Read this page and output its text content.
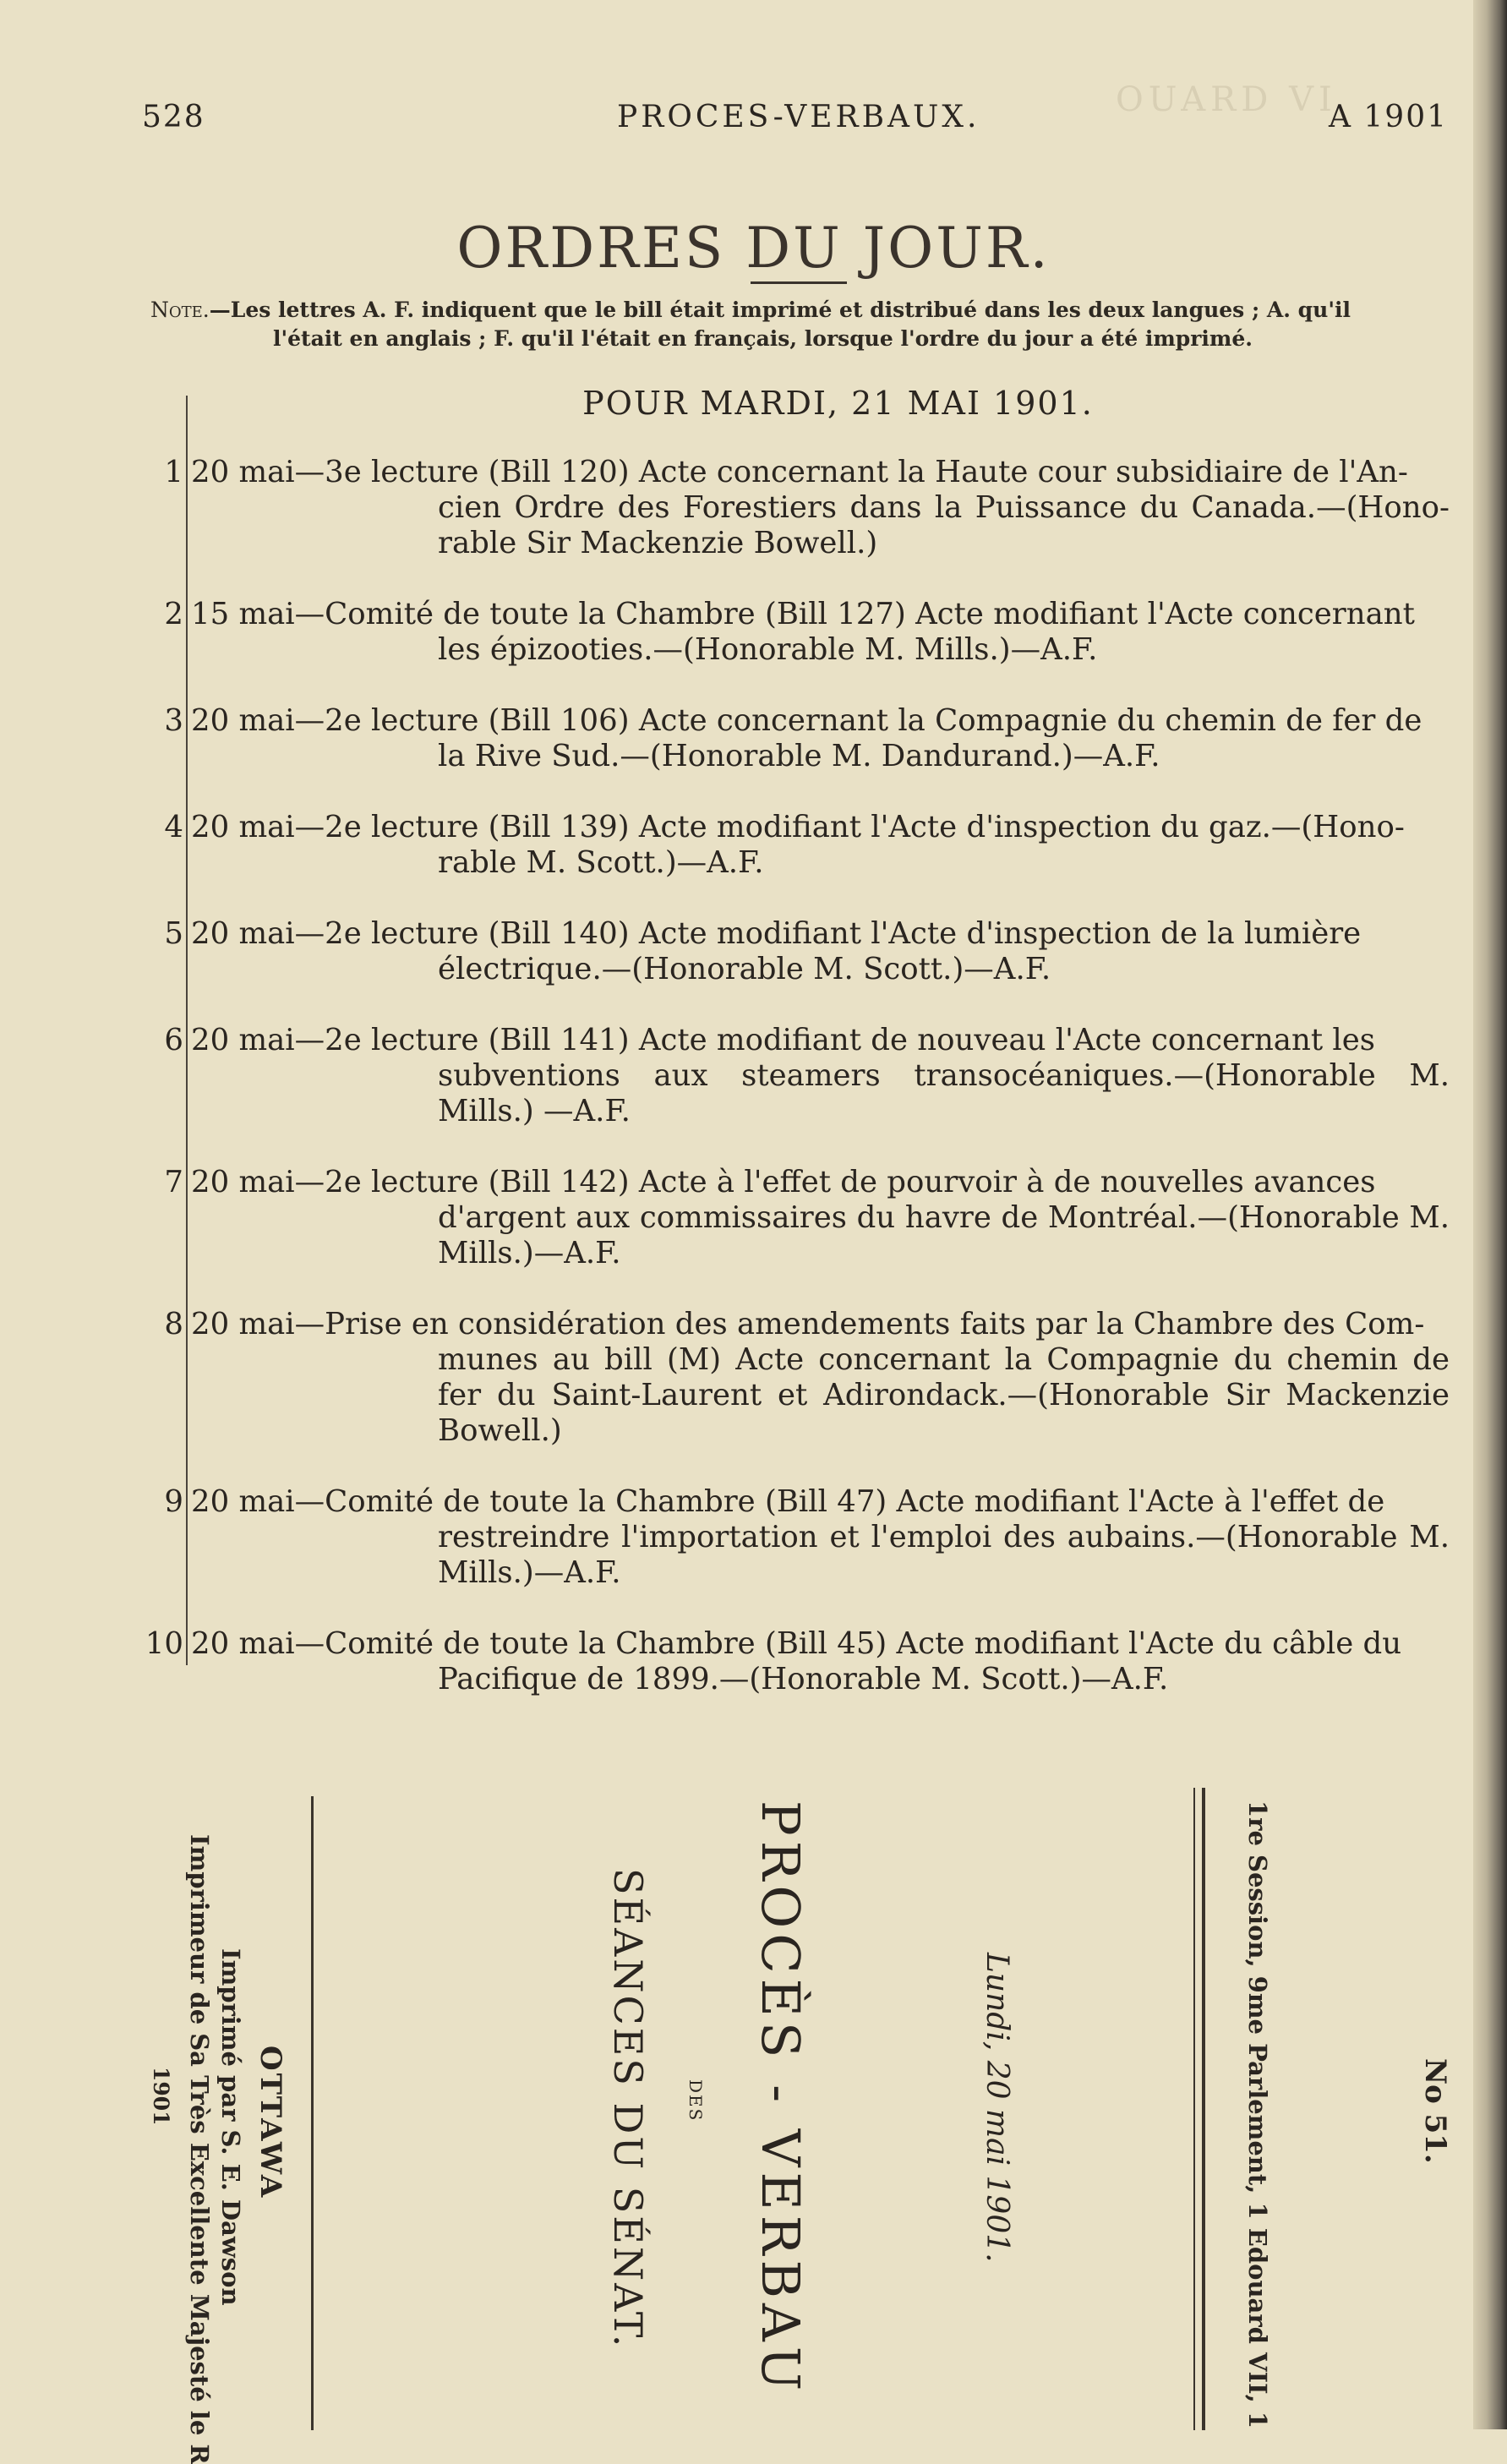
OUARD VI
528	PROCES-VERBAUX.	A 1901
ORDRES DU JOUR.
Note.—Les lettres A. F. indiquent que le bill était imprimé et distribué dans les deux langues ; A. qu'il
l'était en anglais ; F. qu'il l'était en français, lorsque l'ordre du jour a été imprimé.
POUR MARDI, 21 MAI 1901.
1 20 mai—3e lecture (Bill 120) Acte concernant la Haute cour subsidiaire de l'An-
cien Ordre des Forestiers dans la Puissance du Canada.—(Hono- rable Sir Mackenzie Bowell.)
2 15 mai—Comité de toute la Chambre (Bill 127) Acte modifiant l'Acte concernant
les épizooties.—(Honorable M. Mills.)—A.F.
3 20 mai—2e lecture (Bill 106) Acte concernant la Compagnie du chemin de fer de
la Rive Sud.—(Honorable M. Dandurand.)—A.F.
4 20 mai—2e lecture (Bill 139) Acte modifiant l'Acte d'inspection du gaz.—(Hono-
rable M. Scott.)—A.F.
5 20 mai—2e lecture (Bill 140) Acte modifiant l'Acte d'inspection de la lumière
électrique.—(Honorable M. Scott.)—A.F.
6 20 mai—2e lecture (Bill 141) Acte modifiant de nouveau l'Acte concernant les
subventions aux steamers transocéaniques.—(Honorable M. Mills.) —A.F.
7 20 mai—2e lecture (Bill 142) Acte à l'effet de pourvoir à de nouvelles avances
d'argent aux commissaires du havre de Montréal.—(Honorable M. Mills.)—A.F.
8 20 mai—Prise en considération des amendements faits par la Chambre des Com-
munes au bill (M) Acte concernant la Compagnie du chemin de fer du Saint-Laurent et Adirondack.—(Honorable Sir Mackenzie Bowell.)
9 20 mai—Comité de toute la Chambre (Bill 47) Acte modifiant l'Acte à l'effet de
restreindre l'importation et l'emploi des aubains.—(Honorable M. Mills.)—A.F.
10 20 mai—Comité de toute la Chambre (Bill 45) Acte modifiant l'Acte du câble du
Pacifique de 1899.—(Honorable M. Scott.)—A.F.
No 51.
1re Session, 9me Parlement, 1 Edouard VII, 1
Lundi, 20 mai 1901.
PROCÈS - VERBAU
DES
SÉANCES DU SÉNAT.
OTTAWA
Imprimé par S. E. Dawson
Imprimeur de Sa Très Excellente Majesté le R
1901
